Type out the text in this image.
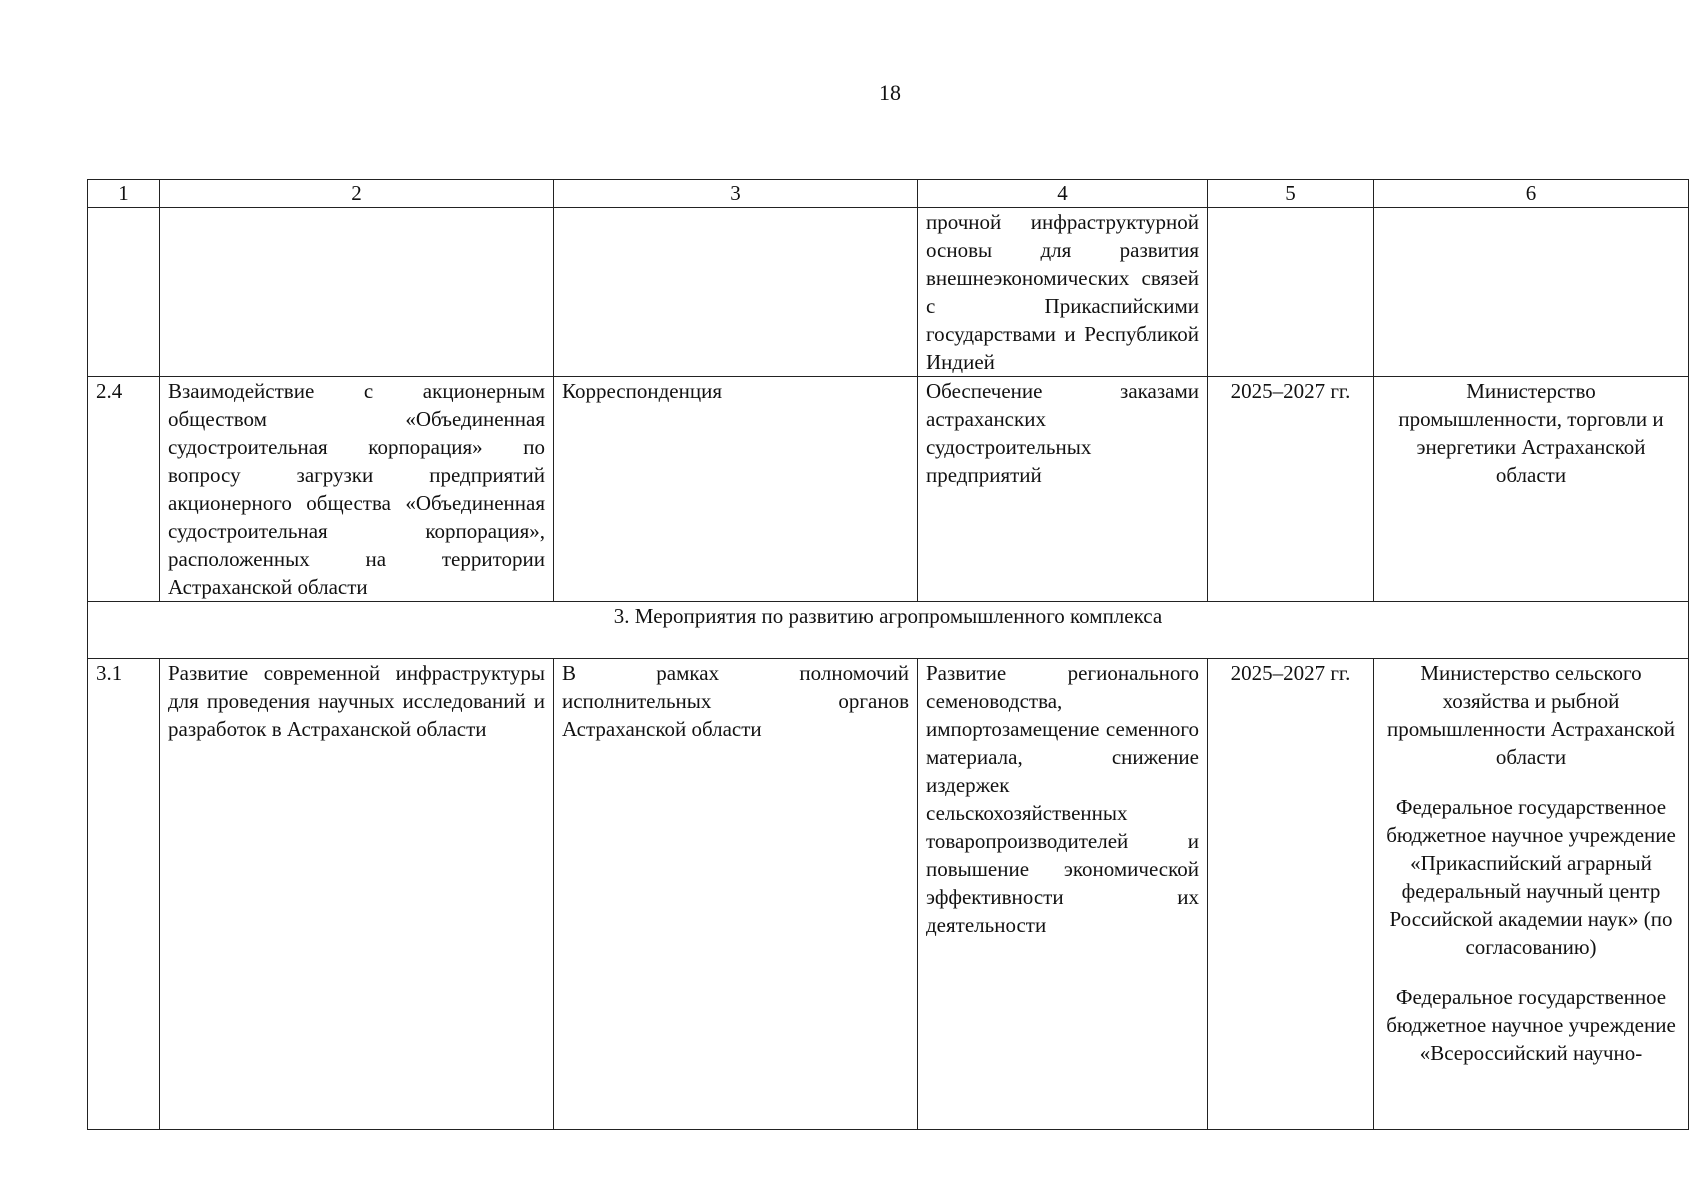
18
1	2	3	4	5	6
			прочной инфраструктурной основы для развития внешнеэкономических связей с Прикаспийскими государствами и Республикой Индией		
2.4	Взаимодействие с акционерным обществом «Объединенная судостроительная корпорация» по вопросу загрузки предприятий акционерного общества «Объединенная судостроительная корпорация», расположенных на территории Астраханской области	Корреспонденция	Обеспечение заказами астраханских судостроительных предприятий	2025–2027 гг.	Министерство промышленности, торговли и энергетики Астраханской области
3. Мероприятия по развитию агропромышленного комплекса					
3.1	Развитие современной инфраструктуры для проведения научных исследований и разработок в Астраханской области	В рамках полномочий исполнительных органов Астраханской области	Развитие регионального семеноводства, импортозамещение семенного материала, снижение издержек сельскохозяйственных товаропроизводителей и повышение экономической эффективности их деятельности	2025–2027 гг.	Министерство сельского хозяйства и рыбной промышленности Астраханской области
Федеральное государственное бюджетное научное учреждение «Прикаспийский аграрный федеральный научный центр Российской академии наук» (по согласованию)
Федеральное государственное бюджетное научное учреждение «Всероссийский научно-
